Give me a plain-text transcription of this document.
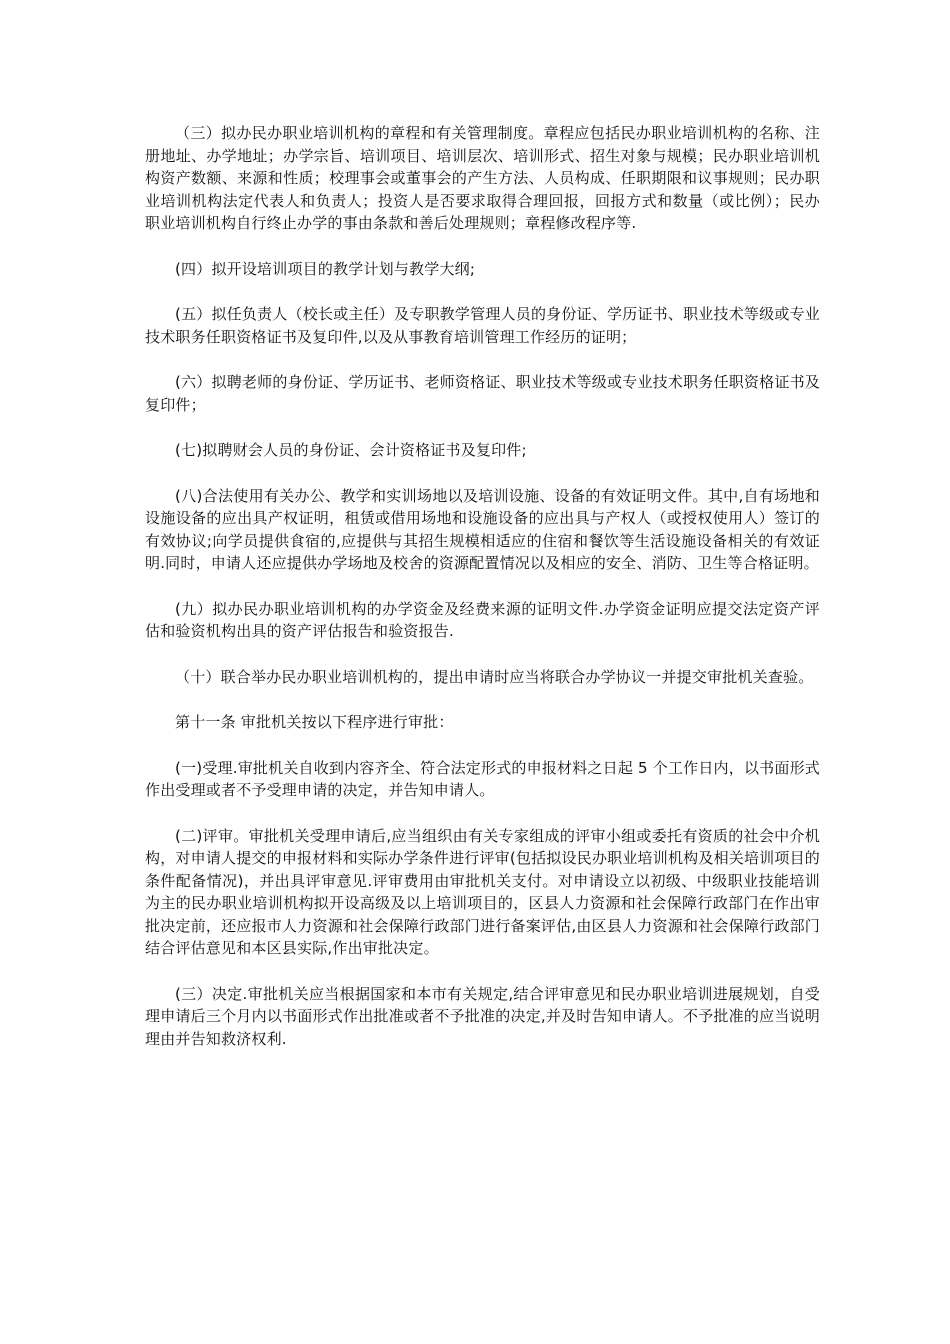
（三）拟办民办职业培训机构的章程和有关管理制度。章程应包括民办职业培训机构的名称、注册地址、办学地址；办学宗旨、培训项目、培训层次、培训形式、招生对象与规模；民办职业培训机构资产数额、来源和性质；校理事会或董事会的产生方法、人员构成、任职期限和议事规则；民办职业培训机构法定代表人和负责人；投资人是否要求取得合理回报，回报方式和数量（或比例）；民办职业培训机构自行终止办学的事由条款和善后处理规则；章程修改程序等.

(四）拟开设培训项目的教学计划与教学大纲;

(五）拟任负责人（校长或主任）及专职教学管理人员的身份证、学历证书、职业技术等级或专业技术职务任职资格证书及复印件,以及从事教育培训管理工作经历的证明；

(六）拟聘老师的身份证、学历证书、老师资格证、职业技术等级或专业技术职务任职资格证书及复印件；

(七)拟聘财会人员的身份证、会计资格证书及复印件;

(八)合法使用有关办公、教学和实训场地以及培训设施、设备的有效证明文件。其中,自有场地和设施设备的应出具产权证明，租赁或借用场地和设施设备的应出具与产权人（或授权使用人）签订的有效协议;向学员提供食宿的,应提供与其招生规模相适应的住宿和餐饮等生活设施设备相关的有效证明.同时，申请人还应提供办学场地及校舍的资源配置情况以及相应的安全、消防、卫生等合格证明。

(九）拟办民办职业培训机构的办学资金及经费来源的证明文件.办学资金证明应提交法定资产评估和验资机构出具的资产评估报告和验资报告.

（十）联合举办民办职业培训机构的，提出申请时应当将联合办学协议一并提交审批机关查验。

第十一条 审批机关按以下程序进行审批：

(一)受理.审批机关自收到内容齐全、符合法定形式的申报材料之日起 5 个工作日内，以书面形式作出受理或者不予受理申请的决定，并告知申请人。

(二)评审。审批机关受理申请后,应当组织由有关专家组成的评审小组或委托有资质的社会中介机构，对申请人提交的申报材料和实际办学条件进行评审(包括拟设民办职业培训机构及相关培训项目的条件配备情况)，并出具评审意见.评审费用由审批机关支付。对申请设立以初级、中级职业技能培训为主的民办职业培训机构拟开设高级及以上培训项目的，区县人力资源和社会保障行政部门在作出审批决定前，还应报市人力资源和社会保障行政部门进行备案评估,由区县人力资源和社会保障行政部门结合评估意见和本区县实际,作出审批决定。

(三）决定.审批机关应当根据国家和本市有关规定,结合评审意见和民办职业培训进展规划，自受理申请后三个月内以书面形式作出批准或者不予批准的决定,并及时告知申请人。不予批准的应当说明理由并告知救济权利.
